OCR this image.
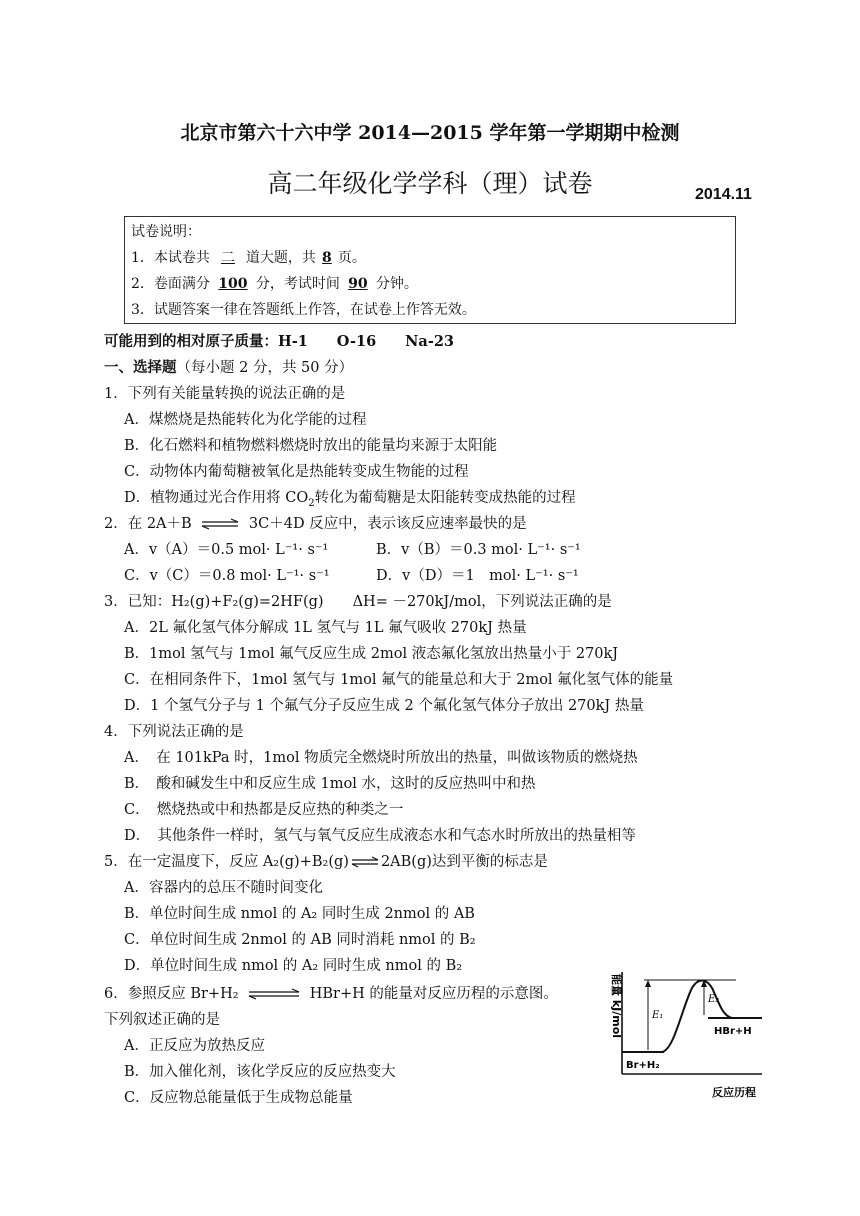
北京市第六十六中学 2014—2015 学年第一学期期中检测
高二年级化学学科（理）试卷	2014.11
试卷说明：
1．本试卷共 二 道大题，共 8 页。
2．卷面满分 100 分，考试时间 90 分钟。
3．试题答案一律在答题纸上作答，在试卷上作答无效。
可能用到的相对原子质量：H-1　　O-16　　Na-23
一、选择题（每小题 2 分，共 50 分）
1．下列有关能量转换的说法正确的是
A．煤燃烧是热能转化为化学能的过程
B．化石燃料和植物燃料燃烧时放出的能量均来源于太阳能
C．动物体内葡萄糖被氧化是热能转变成生物能的过程
D．植物通过光合作用将 $CO_2$转化为葡萄糖是太阳能转变成热能的过程
2．在 2A＋B ⇌ 3C＋4D 反应中，表示该反应速率最快的是
A．v（A）＝0.5 mol· L⁻¹· s⁻¹	B．v（B）＝0.3 mol· L⁻¹· s⁻¹
C．v（C）＝0.8 mol· L⁻¹· s⁻¹	D．v（D）＝1　mol· L⁻¹· s⁻¹
3．已知：H₂(g)+F₂(g)=2HF(g)　　ΔH= －270kJ/mol，下列说法正确的是
A．2L 氟化氢气体分解成 1L 氢气与 1L 氟气吸收 270kJ 热量
B．1mol 氢气与 1mol 氟气反应生成 2mol 液态氟化氢放出热量小于 270kJ
C．在相同条件下，1mol 氢气与 1mol 氟气的能量总和大于 2mol 氟化氢气体的能量
D．1 个氢气分子与 1 个氟气分子反应生成 2 个氟化氢气体分子放出 270kJ 热量
4．下列说法正确的是
A．　在 101kPa 时，1mol 物质完全燃烧时所放出的热量，叫做该物质的燃烧热
B．　酸和碱发生中和反应生成 1mol 水，这时的反应热叫中和热
C．　燃烧热或中和热都是反应热的种类之一
D．　其他条件一样时，氢气与氧气反应生成液态水和气态水时所放出的热量相等
5．在一定温度下，反应 A₂(g)+B₂(g)⇌2AB(g)达到平衡的标志是
A．容器内的总压不随时间变化
B．单位时间生成 nmol 的 A₂ 同时生成 2nmol 的 AB
C．单位时间生成 2nmol 的 AB 同时消耗 nmol 的 B₂
D．单位时间生成 nmol 的 A₂ 同时生成 nmol 的 B₂
6．参照反应 Br+H₂ ⇌ HBr+H 的能量对反应历程的示意图。
下列叙述正确的是
A．正反应为放热反应
B．加入催化剂，该化学反应的反应热变大
C．反应物总能量低于生成物总能量
能量 kJ/mol
反应历程
E₁
E₂
Br+H₂
HBr+H
